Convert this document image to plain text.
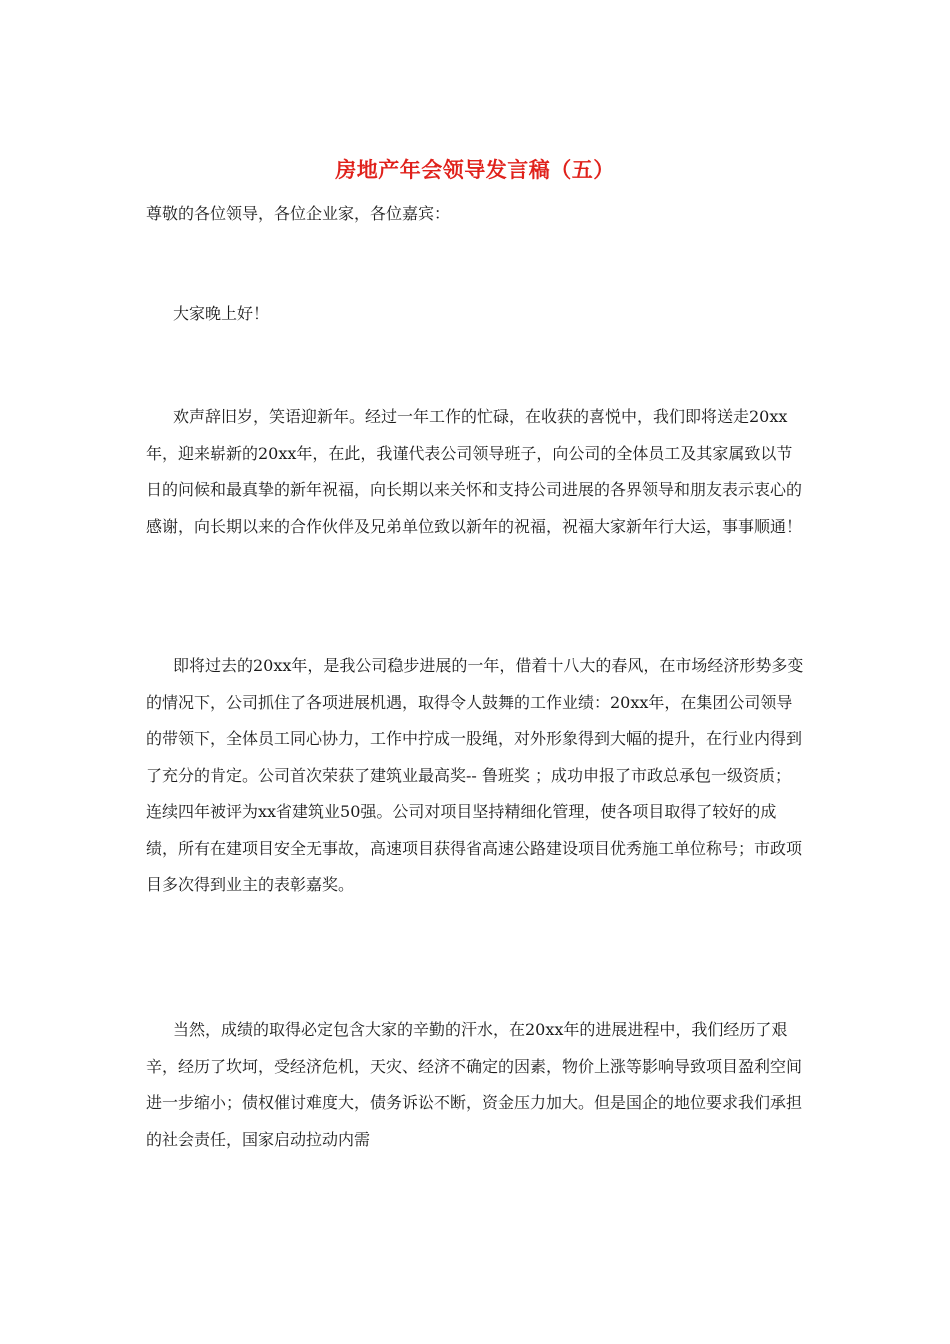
房地产年会领导发言稿（五）

尊敬的各位领导，各位企业家，各位嘉宾：

大家晚上好！

欢声辞旧岁，笑语迎新年。经过一年工作的忙碌，在收获的喜悦中，我们即将送走20xx年，迎来崭新的20xx年，在此，我谨代表公司领导班子，向公司的全体员工及其家属致以节日的问候和最真挚的新年祝福，向长期以来关怀和支持公司进展的各界领导和朋友表示衷心的感谢，向长期以来的合作伙伴及兄弟单位致以新年的祝福，祝福大家新年行大运，事事顺通！

即将过去的20xx年，是我公司稳步进展的一年，借着十八大的春风，在市场经济形势多变的情况下，公司抓住了各项进展机遇，取得令人鼓舞的工作业绩：20xx年，在集团公司领导的带领下，全体员工同心协力，工作中拧成一股绳，对外形象得到大幅的提升，在行业内得到了充分的肯定。公司首次荣获了建筑业最高奖-- 鲁班奖 ；成功申报了市政总承包一级资质；连续四年被评为xx省建筑业50强。公司对项目坚持精细化管理，使各项目取得了较好的成绩，所有在建项目安全无事故，高速项目获得省高速公路建设项目优秀施工单位称号；市政项目多次得到业主的表彰嘉奖。

当然，成绩的取得必定包含大家的辛勤的汗水，在20xx年的进展进程中，我们经历了艰辛，经历了坎坷，受经济危机，天灾、经济不确定的因素，物价上涨等影响导致项目盈利空间进一步缩小；债权催讨难度大，债务诉讼不断，资金压力加大。但是国企的地位要求我们承担的社会责任，国家启动拉动内需
